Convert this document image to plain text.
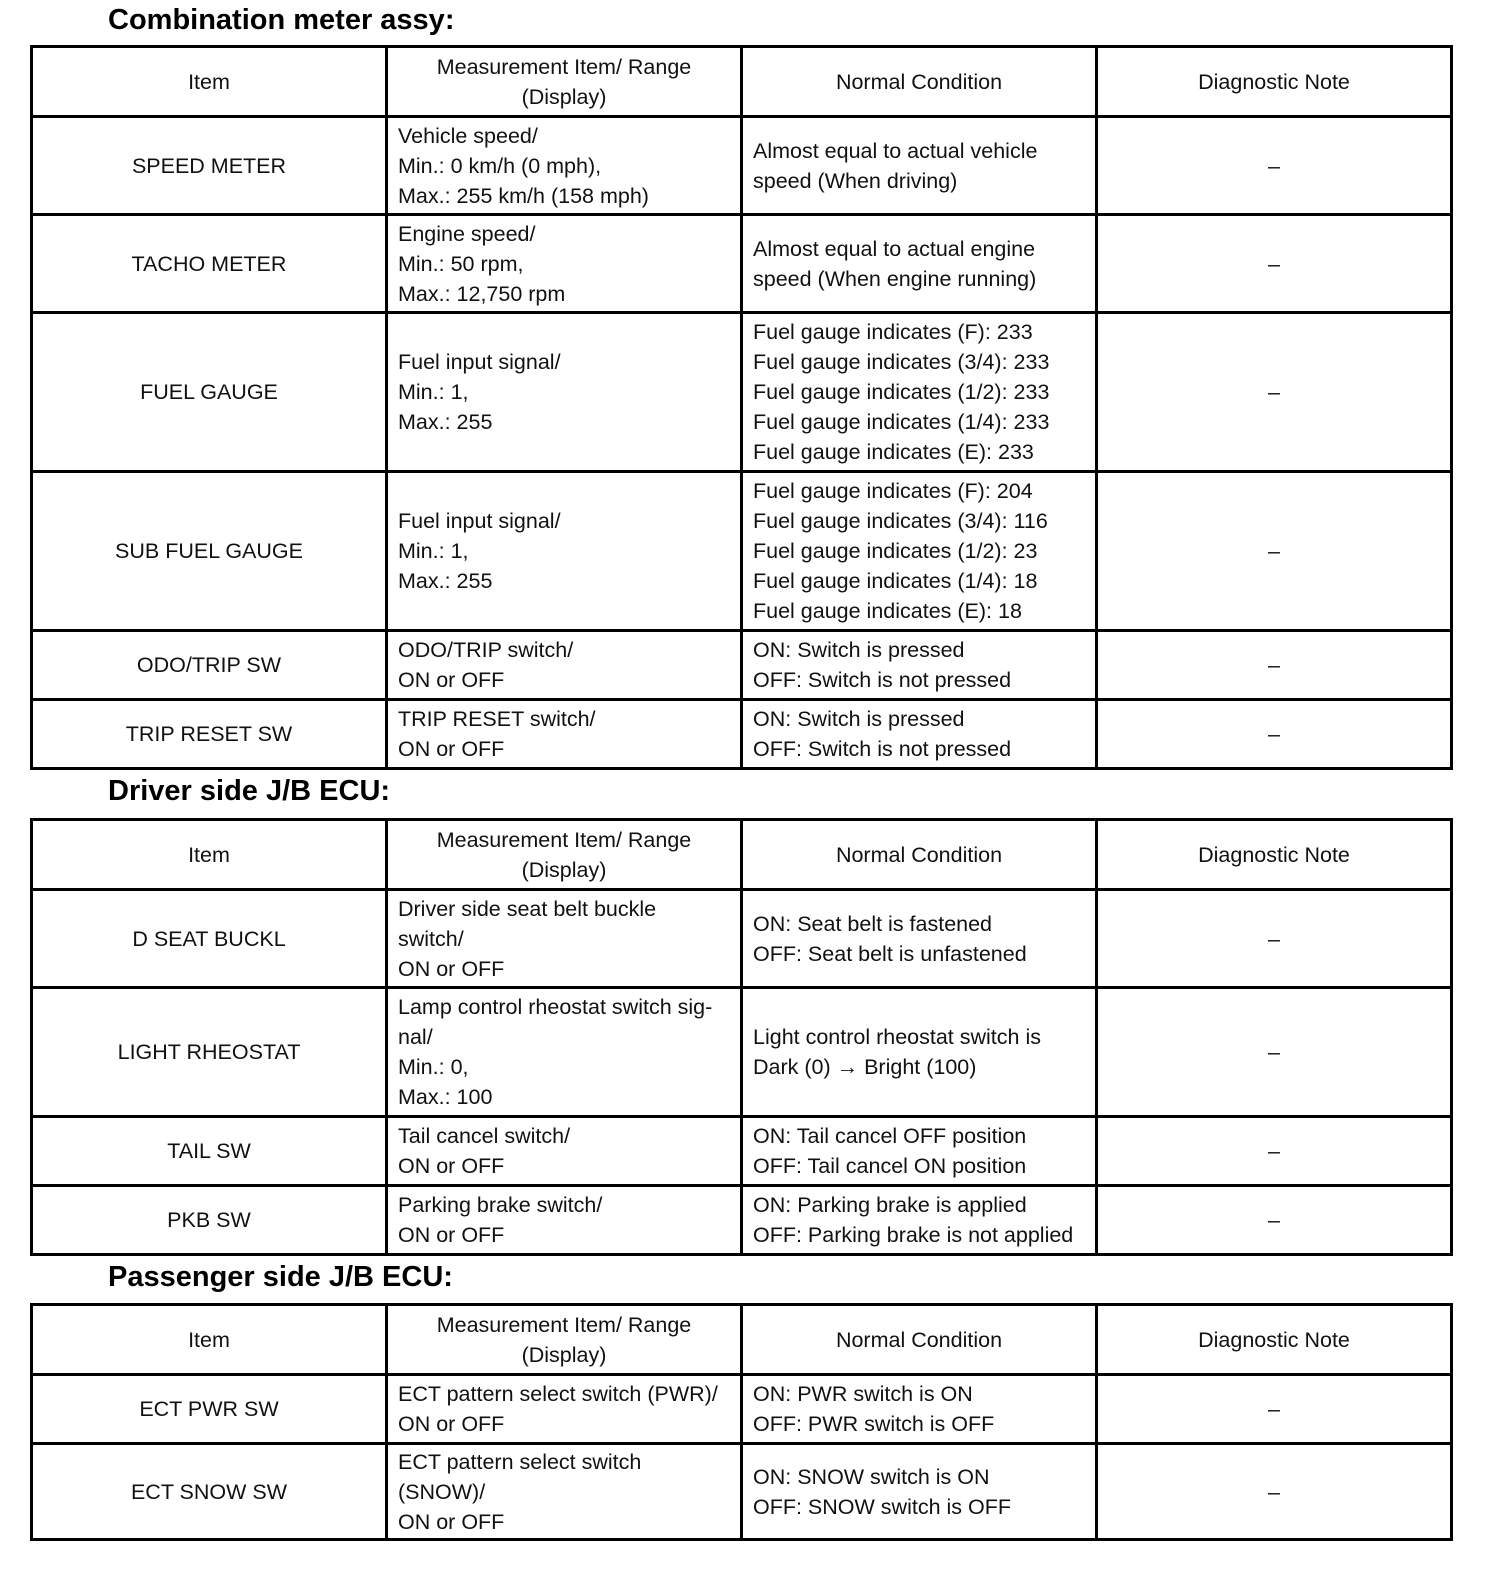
Combination meter assy:
Item	Measurement Item/ Range (Display)	Normal Condition	Diagnostic Note
SPEED METER	Vehicle speed/
Min.: 0 km/h (0 mph),
Max.: 255 km/h (158 mph)	Almost equal to actual vehicle
speed (When driving)	–
TACHO METER	Engine speed/
Min.: 50 rpm,
Max.: 12,750 rpm	Almost equal to actual engine
speed (When engine running)	–
FUEL GAUGE	Fuel input signal/
Min.: 1,
Max.: 255	Fuel gauge indicates (F): 233
Fuel gauge indicates (3/4): 233
Fuel gauge indicates (1/2): 233
Fuel gauge indicates (1/4): 233
Fuel gauge indicates (E): 233	–
SUB FUEL GAUGE	Fuel input signal/
Min.: 1,
Max.: 255	Fuel gauge indicates (F): 204
Fuel gauge indicates (3/4): 116
Fuel gauge indicates (1/2): 23
Fuel gauge indicates (1/4): 18
Fuel gauge indicates (E): 18	–
ODO/TRIP SW	ODO/TRIP switch/
ON or OFF	ON: Switch is pressed
OFF: Switch is not pressed	–
TRIP RESET SW	TRIP RESET switch/
ON or OFF	ON: Switch is pressed
OFF: Switch is not pressed	–
Driver side J/B ECU:
Item	Measurement Item/ Range (Display)	Normal Condition	Diagnostic Note
D SEAT BUCKL	Driver side seat belt buckle
switch/
ON or OFF	ON: Seat belt is fastened
OFF: Seat belt is unfastened	–
LIGHT RHEOSTAT	Lamp control rheostat switch sig-
nal/
Min.: 0,
Max.: 100	Light control rheostat switch is
Dark (0) → Bright (100)	–
TAIL SW	Tail cancel switch/
ON or OFF	ON: Tail cancel OFF position
OFF: Tail cancel ON position	–
PKB SW	Parking brake switch/
ON or OFF	ON: Parking brake is applied
OFF: Parking brake is not applied	–
Passenger side J/B ECU:
Item	Measurement Item/ Range (Display)	Normal Condition	Diagnostic Note
ECT PWR SW	ECT pattern select switch (PWR)/
ON or OFF	ON: PWR switch is ON
OFF: PWR switch is OFF	–
ECT SNOW SW	ECT pattern select switch
(SNOW)/
ON or OFF	ON: SNOW switch is ON
OFF: SNOW switch is OFF	–
